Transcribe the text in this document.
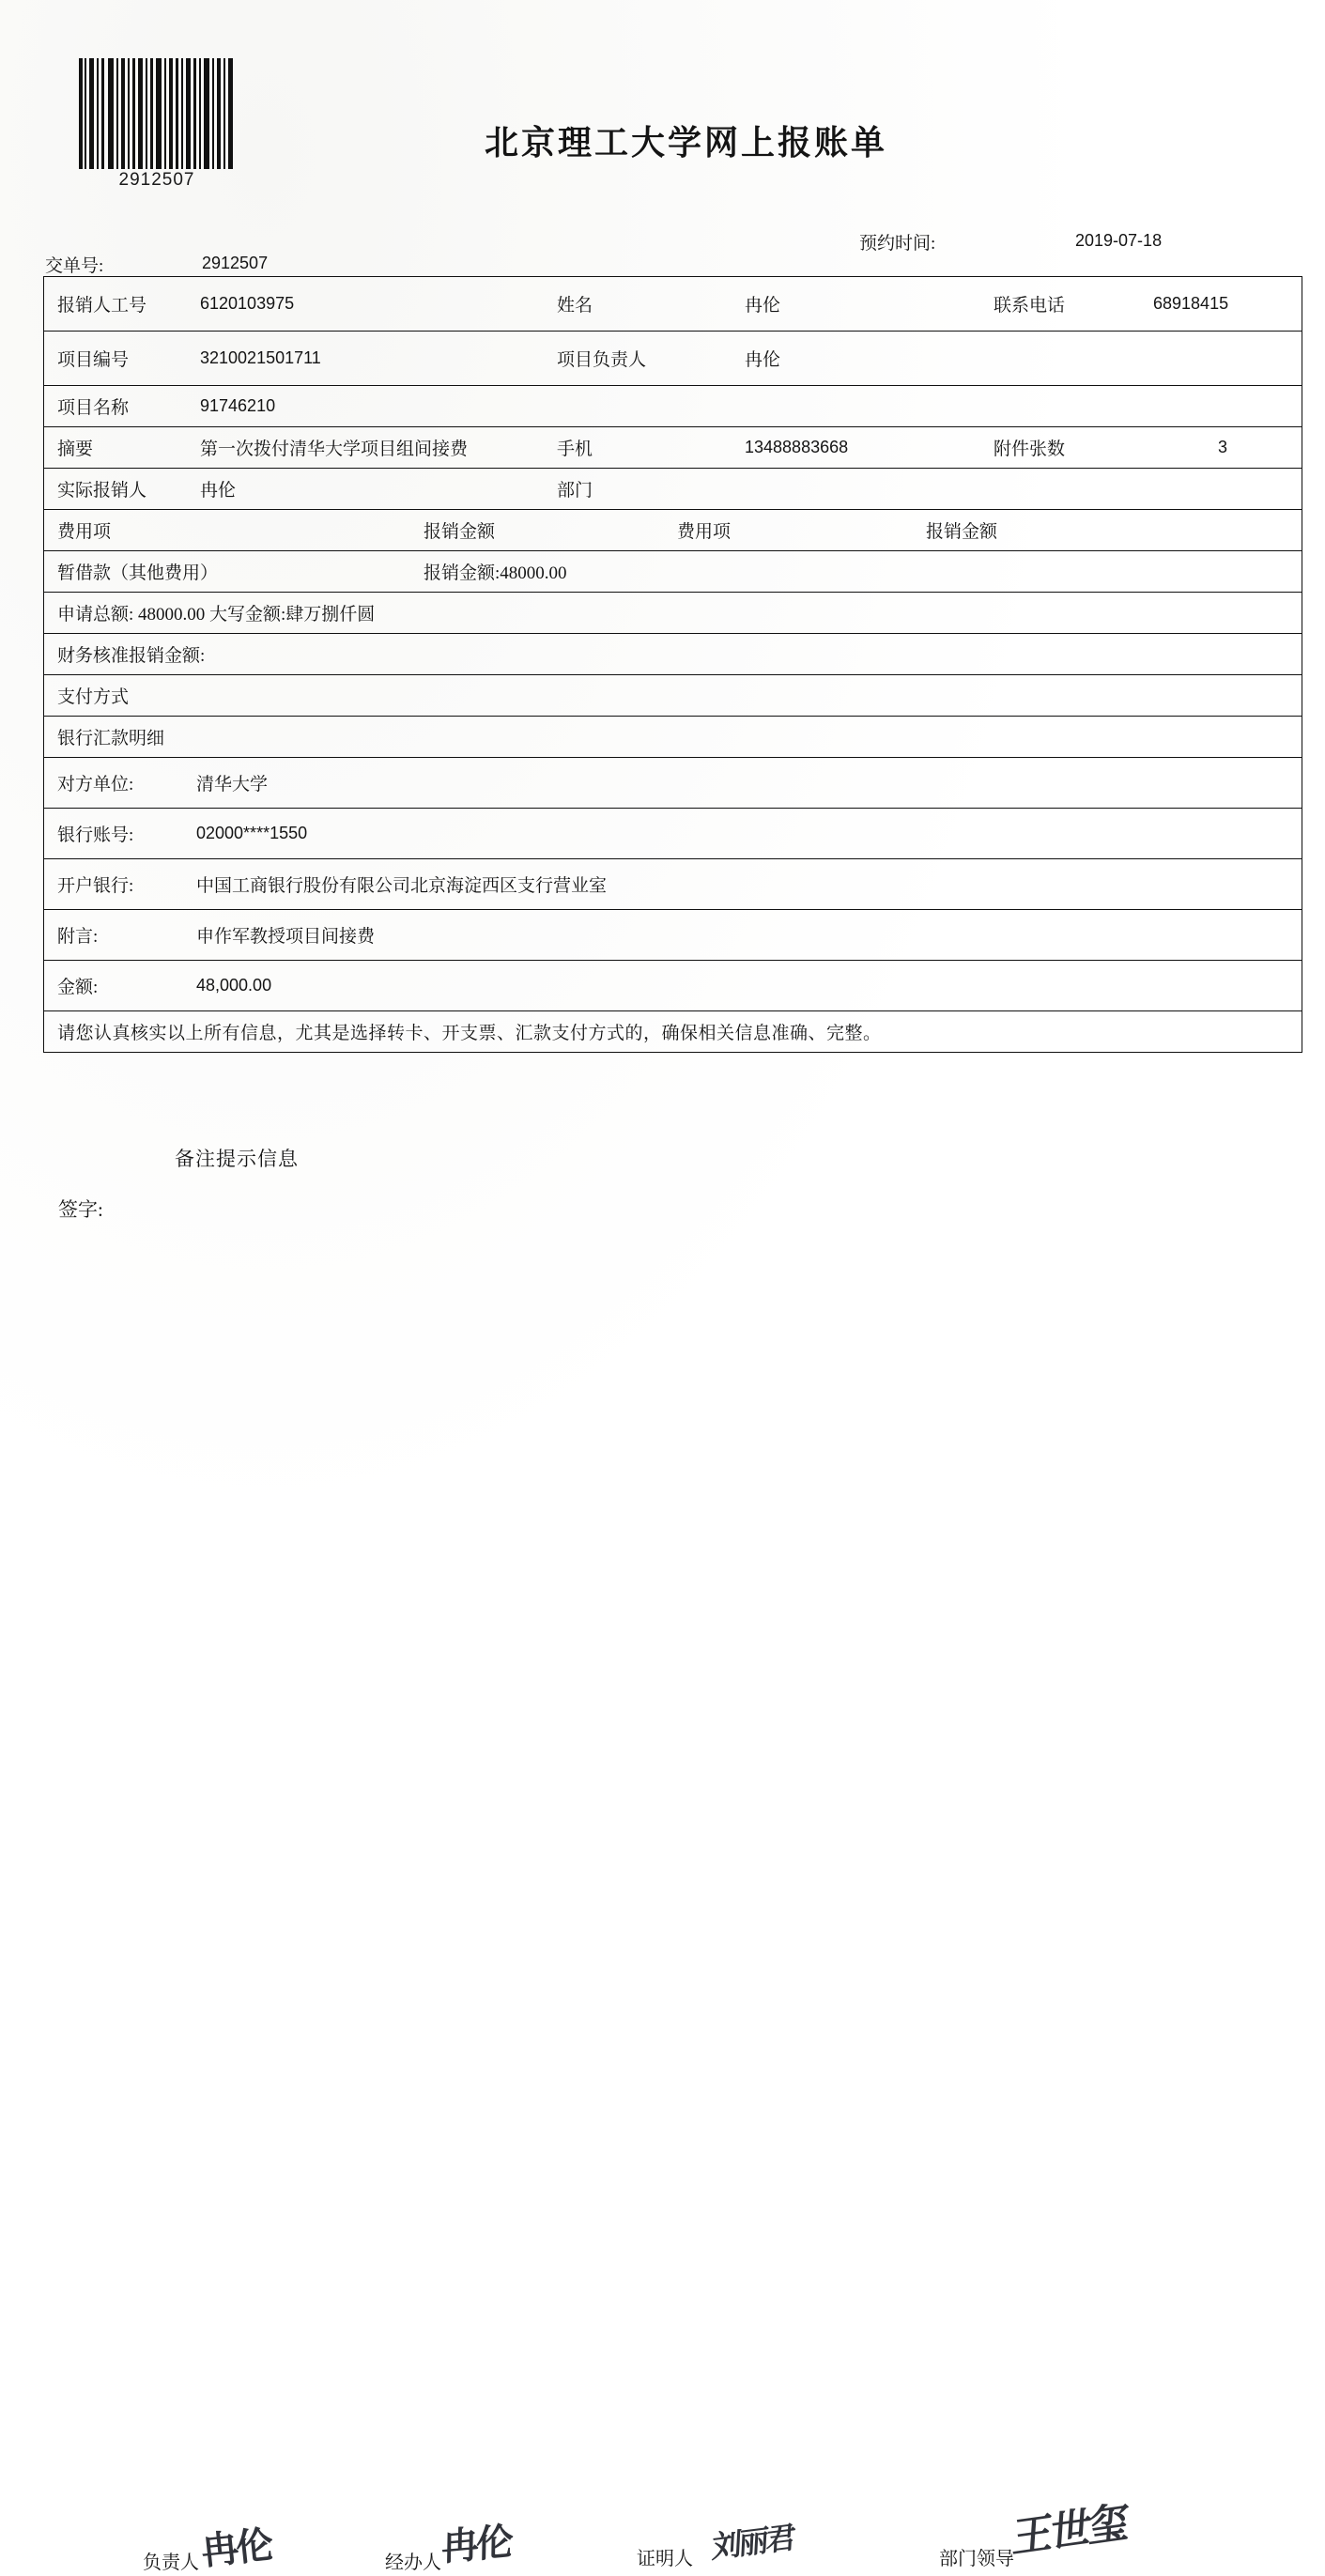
2912507
北京理工大学网上报账单
预约时间:	2019-07-18
交单号:	2912507
报销人工号	6120103975	姓名	冉伦	联系电话	68918415
项目编号	3210021501711	项目负责人	冉伦
项目名称	91746210
摘要	第一次拨付清华大学项目组间接费	手机	13488883668	附件张数	3
实际报销人	冉伦	部门
费用项	报销金额	费用项	报销金额
暂借款（其他费用）	报销金额:48000.00
申请总额: 48000.00 大写金额:肆万捌仟圆
财务核准报销金额:
支付方式
银行汇款明细
对方单位:	清华大学
银行账号:	02000****1550
开户银行:	中国工商银行股份有限公司北京海淀西区支行营业室
附言:	申作军教授项目间接费
金额:	48,000.00
请您认真核实以上所有信息，尤其是选择转卡、开支票、汇款支付方式的，确保相关信息准确、完整。
备注提示信息
签字:
负责人 冉伦	经办人 冉伦	证明人 刘丽君	部门领导
王世玺
